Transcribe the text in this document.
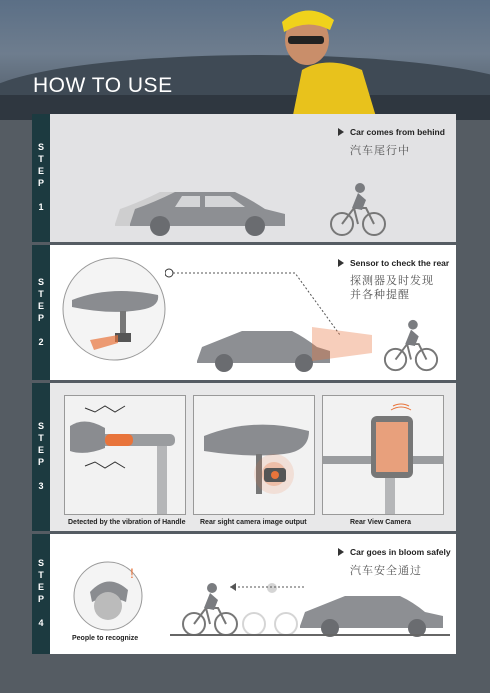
HOW TO USE
STEP 1
Car comes from behind
汽车尾行中
STEP 2
Sensor to check the rear
探测器及时发现
并各种提醒
STEP 3
Detected by the vibration of Handle Rear sight camera image output	Rear View Camera
STEP 4	!
People to recognize
Car goes in bloom safely
汽车安全通过
